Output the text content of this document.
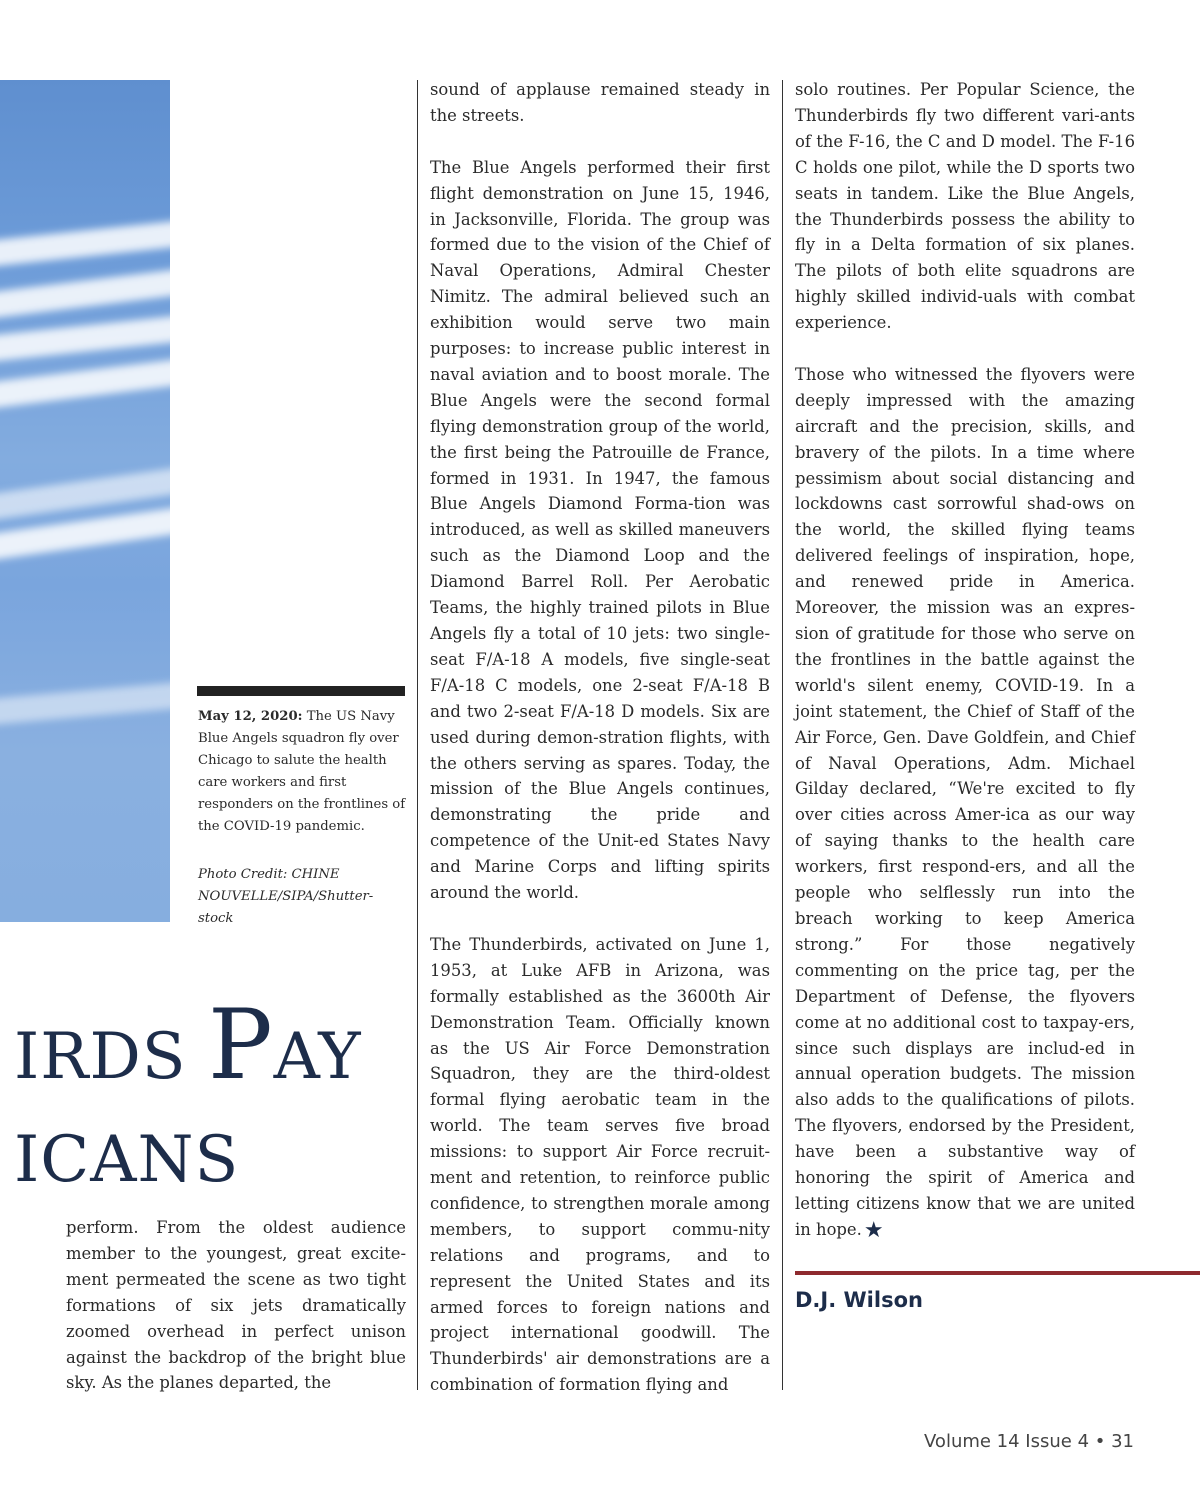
May 12, 2020: The US Navy Blue Angels squadron fly over Chicago to salute the health care workers and first responders on the frontlines of the COVID-19 pandemic.
Photo Credit: CHINE NOUVELLE/SIPA/Shutter-stock
IRDS PAY
ICANS

perform. From the oldest audience member to the youngest, great excite-ment permeated the scene as two tight formations of six jets dramatically zoomed overhead in perfect unison against the backdrop of the bright blue sky. As the planes departed, the

sound of applause remained steady in the streets.

The Blue Angels performed their first flight demonstration on June 15, 1946, in Jacksonville, Florida. The group was formed due to the vision of the Chief of Naval Operations, Admiral Chester Nimitz. The admiral believed such an exhibition would serve two main purposes: to increase public interest in naval aviation and to boost morale. The Blue Angels were the second formal flying demonstration group of the world, the first being the Patrouille de France, formed in 1931. In 1947, the famous Blue Angels Diamond Forma-tion was introduced, as well as skilled maneuvers such as the Diamond Loop and the Diamond Barrel Roll. Per Aerobatic Teams, the highly trained pilots in Blue Angels fly a total of 10 jets: two single-seat F/A-18 A models, five single-seat F/A-18 C models, one 2-seat F/A-18 B and two 2-seat F/A-18 D models. Six are used during demon-stration flights, with the others serving as spares. Today, the mission of the Blue Angels continues, demonstrating the pride and competence of the Unit-ed States Navy and Marine Corps and lifting spirits around the world.

The Thunderbirds, activated on June 1, 1953, at Luke AFB in Arizona, was formally established as the 3600th Air Demonstration Team. Officially known as the US Air Force Demonstration Squadron, they are the third-oldest formal flying aerobatic team in the world. The team serves five broad missions: to support Air Force recruit-ment and retention, to reinforce public confidence, to strengthen morale among members, to support commu-nity relations and programs, and to represent the United States and its armed forces to foreign nations and project international goodwill. The Thunderbirds' air demonstrations are a combination of formation flying and

solo routines. Per Popular Science, the Thunderbirds fly two different vari-ants of the F-16, the C and D model. The F-16 C holds one pilot, while the D sports two seats in tandem. Like the Blue Angels, the Thunderbirds possess the ability to fly in a Delta formation of six planes. The pilots of both elite squadrons are highly skilled individ-uals with combat experience.

Those who witnessed the flyovers were deeply impressed with the amazing aircraft and the precision, skills, and bravery of the pilots. In a time where pessimism about social distancing and lockdowns cast sorrowful shad-ows on the world, the skilled flying teams delivered feelings of inspiration, hope, and renewed pride in America. Moreover, the mission was an expres-sion of gratitude for those who serve on the frontlines in the battle against the world's silent enemy, COVID-19. In a joint statement, the Chief of Staff of the Air Force, Gen. Dave Goldfein, and Chief of Naval Operations, Adm. Michael Gilday declared, “We're excited to fly over cities across Amer-ica as our way of saying thanks to the health care workers, first respond-ers, and all the people who selflessly run into the breach working to keep America strong.” For those negatively commenting on the price tag, per the Department of Defense, the flyovers come at no additional cost to taxpay-ers, since such displays are includ-ed in annual operation budgets. The mission also adds to the qualifications of pilots. The flyovers, endorsed by the President, have been a substantive way of honoring the spirit of America and letting citizens know that we are united in hope.★

D.J. Wilson
Volume 14 Issue 4 • 31
